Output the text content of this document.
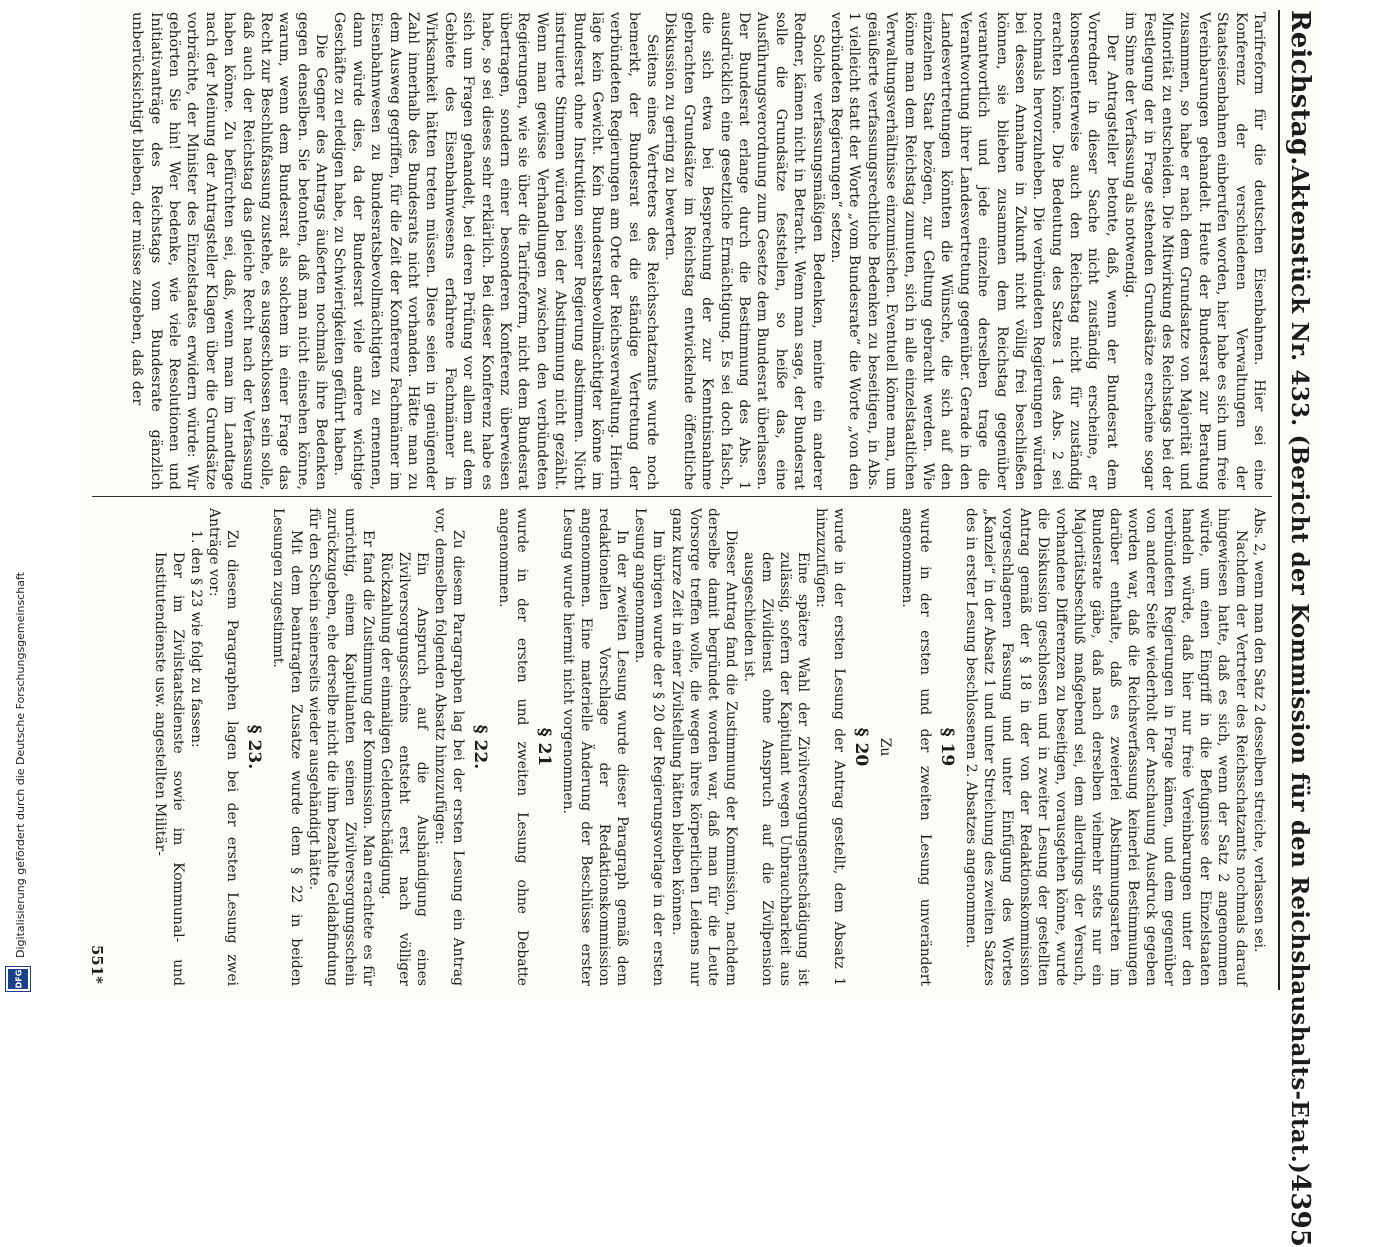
Reichstag.
Aktenstück Nr. 433. (Bericht der Kommission für den Reichshaushalts-Etat.)
4395

Tarifreform für die deutschen Eisenbahnen. Hier sei eine Konferenz der verschiedenen Verwaltungen der Staatseisenbahnen einberufen worden, hier habe es sich um freie Vereinbarungen gehandelt. Heute der Bundesrat zur Beratung zusammen, so habe er nach dem Grundsatze von Majorität und Minorität zu entscheiden. Die Mitwirkung des Reichstags bei der Festlegung der in Frage stehenden Grundsätze erscheine sogar im Sinne der Verfassung als notwendig.

Der Antragsteller betonte, daß, wenn der Bundesrat dem Vorredner in dieser Sache nicht zuständig erscheine, er konsequenterweise auch den Reichstag nicht für zuständig erachten könne. Die Bedeutung des Satzes 1 des Abs. 2 sei nochmals hervorzuheben. Die verbündeten Regierungen würden bei dessen Annahme in Zukunft nicht völlig frei beschließen können, sie blieben zusammen dem Reichstag gegenüber verantwortlich und jede einzelne derselben trage die Verantwortung ihrer Landesvertretung gegenüber. Gerade in den Landesvertretungen könnten die Wünsche, die sich auf den einzelnen Staat bezögen, zur Geltung gebracht werden. Wie könne man dem Reichstag zumuten, sich in alle einzelstaatlichen Verwaltungsverhältnisse einzumischen. Eventuell könne man, um geäußerte verfassungsrechtliche Bedenken zu beseitigen, in Abs. 1 vielleicht statt der Worte „vom Bundesrate“ die Worte „von den verbündeten Regierungen“ setzen.

Solche verfassungsmäßigen Bedenken, meinte ein anderer Redner, kämen nicht in Betracht. Wenn man sage, der Bundesrat solle die Grundsätze feststellen, so heiße das, eine Ausführungsverordnung zum Gesetze dem Bundesrat überlassen. Der Bundesrat erlange durch die Bestimmung des Abs. 1 ausdrücklich eine gesetzliche Ermächtigung. Es sei doch falsch, die sich etwa bei Besprechung der zur Kenntnisnahme gebrachten Grundsätze im Reichstag entwickelnde öffentliche Diskussion zu gering zu bewerten.

Seitens eines Vertreters des Reichsschatzamts wurde noch bemerkt, der Bundesrat sei die ständige Vertretung der verbündeten Regierungen am Orte der Reichsverwaltung. Hierin läge kein Gewicht. Kein Bundesratsbevollmächtigter könne im Bundesrat ohne Instruktion seiner Regierung abstimmen. Nicht instruierte Stimmen würden bei der Abstimmung nicht gezählt. Wenn man gewisse Verhandlungen zwischen den verbündeten Regierungen, wie sie über die Tarifreform, nicht dem Bundesrat übertragen, sondern einer besonderen Konferenz überweisen habe, so sei dieses sehr erklärlich. Bei dieser Konferenz habe es sich um Fragen gehandelt, bei deren Prüfung vor allem auf dem Gebiete des Eisenbahnwesens erfahrene Fachmänner in Wirksamkeit hätten treten müssen. Diese seien in genügender Zahl innerhalb des Bundesrats nicht vorhanden. Hätte man zu dem Ausweg gegriffen, für die Zeit der Konferenz Fachmänner im Eisenbahnwesen zu Bundesratsbevollmächtigten zu ernennen, dann würde dies, da der Bundesrat viele andere wichtige Geschäfte zu erledigen habe, zu Schwierigkeiten geführt haben.

Die Gegner des Antrags äußerten nochmals ihre Bedenken gegen denselben. Sie betonten, daß man nicht einsehen könne, warum, wenn dem Bundesrat als solchem in einer Frage das Recht zur Beschlußfassung zustehe, es ausgeschlossen sein solle, daß auch der Reichstag das gleiche Recht nach der Verfassung haben könne. Zu befürchten sei, daß, wenn man im Landtage nach der Meinung der Antragsteller Klagen über die Grundsätze vorbrächte, der Minister des Einzelstaates erwidern würde: Wir gehörten Sie hin! Wer bedenke, wie viele Resolutionen und Initiativanträge des Reichstags vom Bundesrate gänzlich unberücksichtigt blieben, der müsse zugeben, daß der

Abs. 2, wenn man den Satz 2 desselben streiche, verlassen sei.

Nachdem der Vertreter des Reichsschatzamts nochmals darauf hingewiesen hatte, daß es sich, wenn der Satz 2 angenommen würde, um einen Eingriff in die Befugnisse der Einzelstaaten handeln würde, daß hier nur freie Vereinbarungen unter den verbündeten Regierungen in Frage kämen, und dem gegenüber von anderer Seite wiederholt der Anschauung Ausdruck gegeben worden war, daß die Reichsverfassung keinerlei Bestimmungen darüber enthalte, daß es zweierlei Abstimmungsarten im Bundesrate gäbe, daß nach derselben vielmehr stets nur ein Majoritätsbeschluß maßgebend sei, dem allerdings der Versuch, vorhandene Differenzen zu beseitigen, vorausgehen könne, wurde die Diskussion geschlossen und in zweiter Lesung der gestellten Antrag gemäß der § 18 in der von der Redaktionskommission vorgeschlagenen Fassung und unter Einfügung des Wortes „Kanzlei“ in der Absatz 1 und unter Streichung des zweiten Satzes des in erster Lesung beschlossenen 2. Absatzes angenommen.

§ 19

wurde in der ersten und der zweiten Lesung unverändert angenommen.

Zu

§ 20

wurde in der ersten Lesung der Antrag gestellt, dem Absatz 1 hinzuzufügen:

Eine spätere Wahl der Zivilversorgungsentschädigung ist zulässig, sofern der Kapitulant wegen Unbrauchbarkeit aus dem Zivildienst ohne Anspruch auf die Zivilpension ausgeschieden ist.

Dieser Antrag fand die Zustimmung der Kommission, nachdem derselbe damit begründet worden war, daß man für die Leute Vorsorge treffen wolle, die wegen ihres körperlichen Leidens nur ganz kurze Zeit in einer Zivilstellung hätten bleiben können.

Im übrigen wurde der § 20 der Regierungsvorlage in der ersten Lesung angenommen.

In der zweiten Lesung wurde dieser Paragraph gemäß dem redaktionellen Vorschlage der Redaktionskommission angenommen. Eine materielle Änderung der Beschlüsse erster Lesung wurde hiermit nicht vorgenommen.

§ 21

wurde in der ersten und zweiten Lesung ohne Debatte angenommen.

§ 22.

Zu diesem Paragraphen lag bei der ersten Lesung ein Antrag vor, demselben folgenden Absatz hinzuzufügen:

Ein Anspruch auf die Aushändigung eines Zivilversorgungsscheins entsteht erst nach völliger Rückzahlung der einmaligen Geldentschädigung.

Er fand die Zustimmung der Kommission. Man erachtete es für unrichtig, einem Kapitulanten seinen Zivilversorgungsschein zurückzugeben, ehe derselbe nicht die ihm bezahlte Geldabfindung für den Schein seinerseits wieder ausgehändigt hätte.

Mit dem beantragten Zusatze wurde dem § 22 in beiden Lesungen zugestimmt.

§ 23.

Zu diesem Paragraphen lagen bei der ersten Lesung zwei Anträge vor:

1. den § 23 wie folgt zu fassen:

Der im Zivilstaatsdienste sowie im Kommunal- und Institutendienste usw. angestellten Militär-

551*
Digitalisierung gefördert durch die Deutsche Forschungsgemeinschaft
DFG
